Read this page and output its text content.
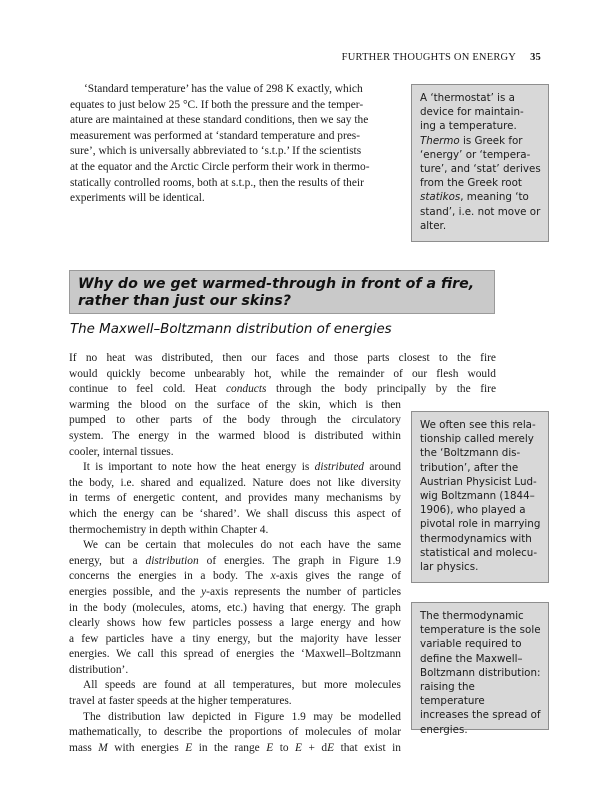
FURTHER THOUGHTS ON ENERGY 35

‘Standard temperature’ has the value of 298 K exactly, which

equates to just below 25 °C. If both the pressure and the temper-
ature are maintained at these standard conditions, then we say the
measurement was performed at ‘standard temperature and pres-
sure’, which is universally abbreviated to ‘s.t.p.’ If the scientists
at the equator and the Arctic Circle perform their work in thermo-
statically controlled rooms, both at s.t.p., then the results of their
experiments will be identical.
A ‘thermostat’ is a
device for maintain-
ing a temperature.
Thermo is Greek for
‘energy’ or ‘tempera-
ture’, and ‘stat’ derives
from the Greek root
statikos, meaning ‘to
stand’, i.e. not move or
alter.
Why do we get warmed-through in front of a fire,
rather than just our skins?
The Maxwell–Boltzmann distribution of energies
If no heat was distributed, then our faces and those parts closest to the fire
would quickly become unbearably hot, while the remainder of our flesh would
continue to feel cold. Heat conducts through the body principally by the fire
warming the blood on the surface of the skin, which is then
pumped to other parts of the body through the circulatory
system. The energy in the warmed blood is distributed within
cooler, internal tissues.
It is important to note how the heat energy is distributed around
the body, i.e. shared and equalized. Nature does not like diversity
in terms of energetic content, and provides many mechanisms by
which the energy can be ‘shared’. We shall discuss this aspect of
thermochemistry in depth within Chapter 4.
We can be certain that molecules do not each have the same
energy, but a distribution of energies. The graph in Figure 1.9
concerns the energies in a body. The x-axis gives the range of
energies possible, and the y-axis represents the number of particles
in the body (molecules, atoms, etc.) having that energy. The graph
clearly shows how few particles possess a large energy and how
a few particles have a tiny energy, but the majority have lesser
energies. We call this spread of energies the ‘Maxwell–Boltzmann
distribution’.
All speeds are found at all temperatures, but more molecules
travel at faster speeds at the higher temperatures.
The distribution law depicted in Figure 1.9 may be modelled
mathematically, to describe the proportions of molecules of molar
mass M with energies E in the range E to E + dE that exist in
We often see this rela-
tionship called merely
the ‘Boltzmann dis-
tribution’, after the
Austrian Physicist Lud-
wig Boltzmann (1844–
1906), who played a
pivotal role in marrying
thermodynamics with
statistical and molecu-
lar physics.
The thermodynamic
temperature is the sole
variable required to
define the Maxwell–
Boltzmann distribution:
raising the temperature
increases the spread of
energies.
